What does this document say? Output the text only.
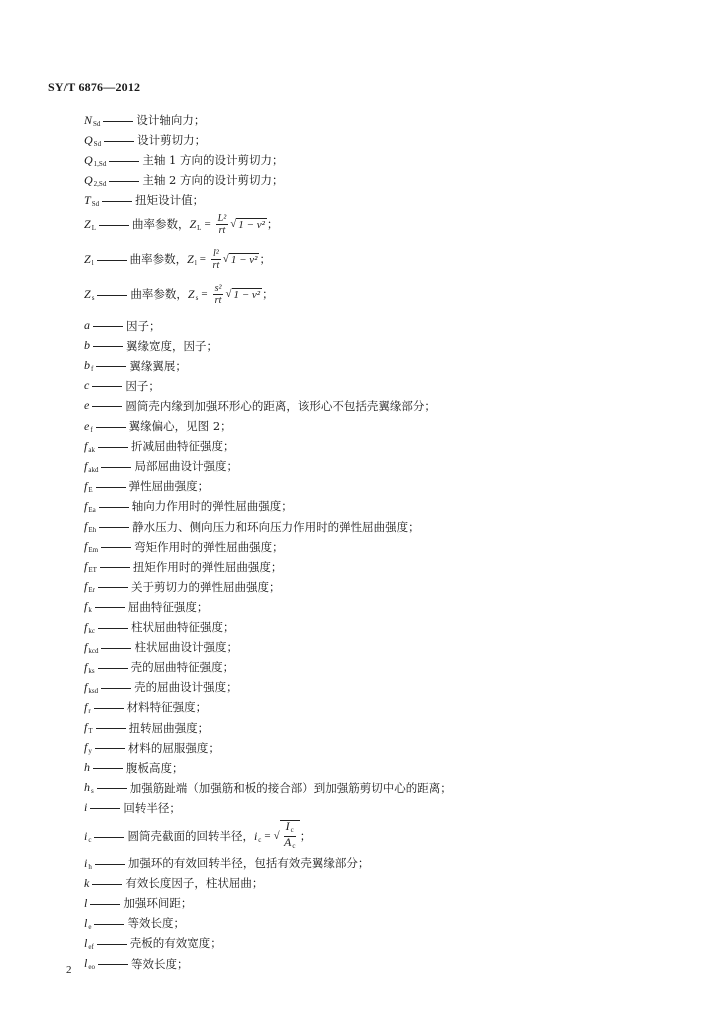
SY/T 6876—2012
$N_{Sd}$	设计轴向力；
$Q_{Sd}$	设计剪切力；
$Q_{1,Sd}$	主轴 1 方向的设计剪切力；
$Q_{2,Sd}$	主轴 2 方向的设计剪切力；
$T_{Sd}$	扭矩设计值；
$Z_L$	曲率参数， $Z_L = \frac{\text{L²}}{rt}$ √ 1 − ν² ；
$Z_l$	曲率参数， $Z_l = \frac{\text{l²}}{rt}$ √ 1 − ν² ；
$Z_s$	曲率参数， $Z_s = \frac{\text{s²}}{rt}$ √ 1 − ν² ；
a	因子；
b	翼缘宽度，因子；
$b_f$	翼缘翼展；
c	因子；
e	圆筒壳内缘到加强环形心的距离，该形心不包括壳翼缘部分；
$e_f$	翼缘偏心，见图 2；
$f_{ak}$	折减屈曲特征强度；
$f_{akd}$	局部屈曲设计强度；
$f_E$	弹性屈曲强度；
$f_{Ea}$	轴向力作用时的弹性屈曲强度；
$f_{Eh}$	静水压力、侧向压力和环向压力作用时的弹性屈曲强度；
$f_{Em}$	弯矩作用时的弹性屈曲强度；
$f_{ET}$	扭矩作用时的弹性屈曲强度；
$f_{Er}$	关于剪切力的弹性屈曲强度；
$f_k$	屈曲特征强度；
$f_{kc}$	柱状屈曲特征强度；
$f_{kcd}$	柱状屈曲设计强度；
$f_{ks}$	壳的屈曲特征强度；
$f_{ksd}$	壳的屈曲设计强度；
$f_r$	材料特征强度；
$f_T$	扭转屈曲强度；
$f_y$	材料的屈服强度；
h	腹板高度；
$h_s$	加强筋趾端（加强筋和板的接合部）到加强筋剪切中心的距离；
i	回转半径；
$i_c$	圆筒壳截面的回转半径， $i_c$ = √ $\frac{I_c}{A_c}$ ；
$i_h$	加强环的有效回转半径，包括有效壳翼缘部分；
k	有效长度因子，柱状屈曲；
l	加强环间距；
$l_e$	等效长度；
$l_{ef}$	壳板的有效宽度；
$l_{eo}$	等效长度；
2
